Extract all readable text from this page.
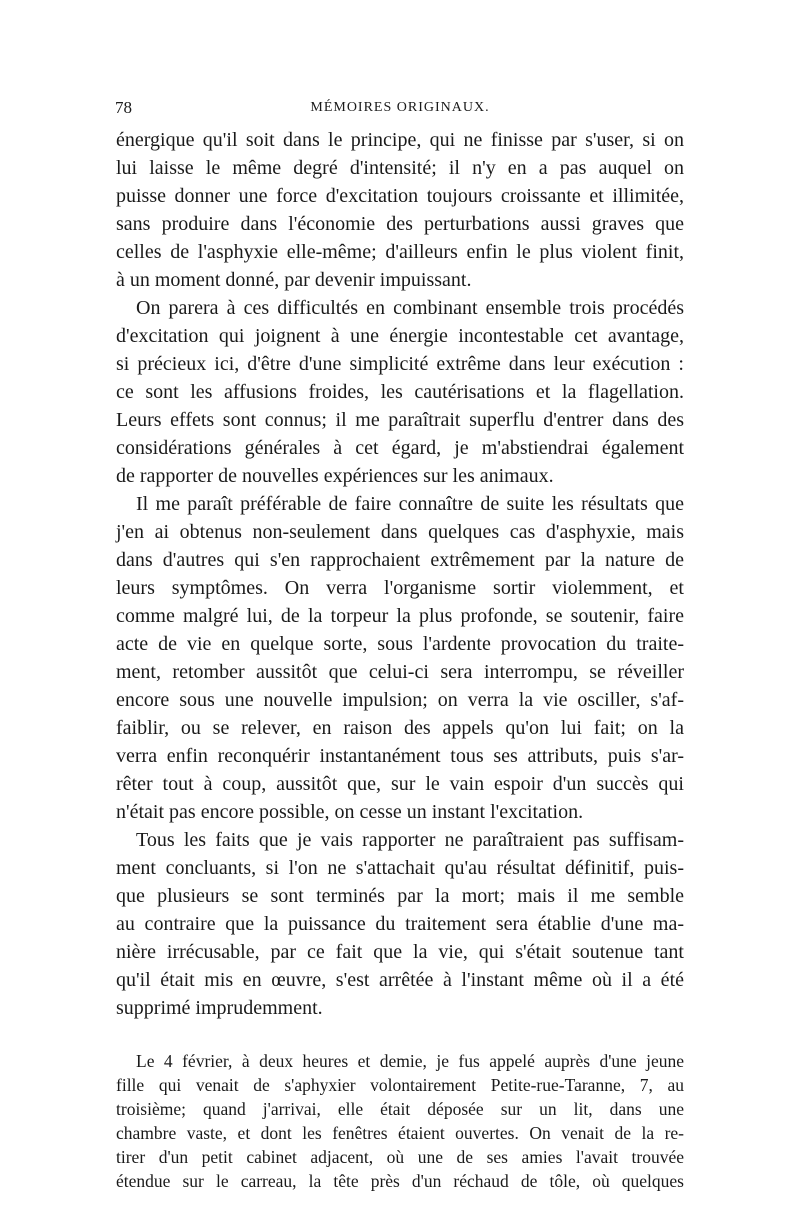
78	MÉMOIRES ORIGINAUX.
énergique qu'il soit dans le principe, qui ne finisse par s'user, si on
lui laisse le même degré d'intensité; il n'y en a pas auquel on
puisse donner une force d'excitation toujours croissante et illimitée,
sans produire dans l'économie des perturbations aussi graves que
celles de l'asphyxie elle-même; d'ailleurs enfin le plus violent finit,
à un moment donné, par devenir impuissant.
On parera à ces difficultés en combinant ensemble trois procédés
d'excitation qui joignent à une énergie incontestable cet avantage,
si précieux ici, d'être d'une simplicité extrême dans leur exécution :
ce sont les affusions froides, les cautérisations et la flagellation.
Leurs effets sont connus; il me paraîtrait superflu d'entrer dans des
considérations générales à cet égard, je m'abstiendrai également
de rapporter de nouvelles expériences sur les animaux.
Il me paraît préférable de faire connaître de suite les résultats que
j'en ai obtenus non-seulement dans quelques cas d'asphyxie, mais
dans d'autres qui s'en rapprochaient extrêmement par la nature de
leurs symptômes. On verra l'organisme sortir violemment, et
comme malgré lui, de la torpeur la plus profonde, se soutenir, faire
acte de vie en quelque sorte, sous l'ardente provocation du traite-
ment, retomber aussitôt que celui-ci sera interrompu, se réveiller
encore sous une nouvelle impulsion; on verra la vie osciller, s'af-
faiblir, ou se relever, en raison des appels qu'on lui fait; on la
verra enfin reconquérir instantanément tous ses attributs, puis s'ar-
rêter tout à coup, aussitôt que, sur le vain espoir d'un succès qui
n'était pas encore possible, on cesse un instant l'excitation.
Tous les faits que je vais rapporter ne paraîtraient pas suffisam-
ment concluants, si l'on ne s'attachait qu'au résultat définitif, puis-
que plusieurs se sont terminés par la mort; mais il me semble
au contraire que la puissance du traitement sera établie d'une ma-
nière irrécusable, par ce fait que la vie, qui s'était soutenue tant
qu'il était mis en œuvre, s'est arrêtée à l'instant même où il a été
supprimé imprudemment.
Le 4 février, à deux heures et demie, je fus appelé auprès d'une jeune
fille qui venait de s'aphyxier volontairement Petite-rue-Taranne, 7, au
troisième; quand j'arrivai, elle était déposée sur un lit, dans une
chambre vaste, et dont les fenêtres étaient ouvertes. On venait de la re-
tirer d'un petit cabinet adjacent, où une de ses amies l'avait trouvée
étendue sur le carreau, la tête près d'un réchaud de tôle, où quelques
